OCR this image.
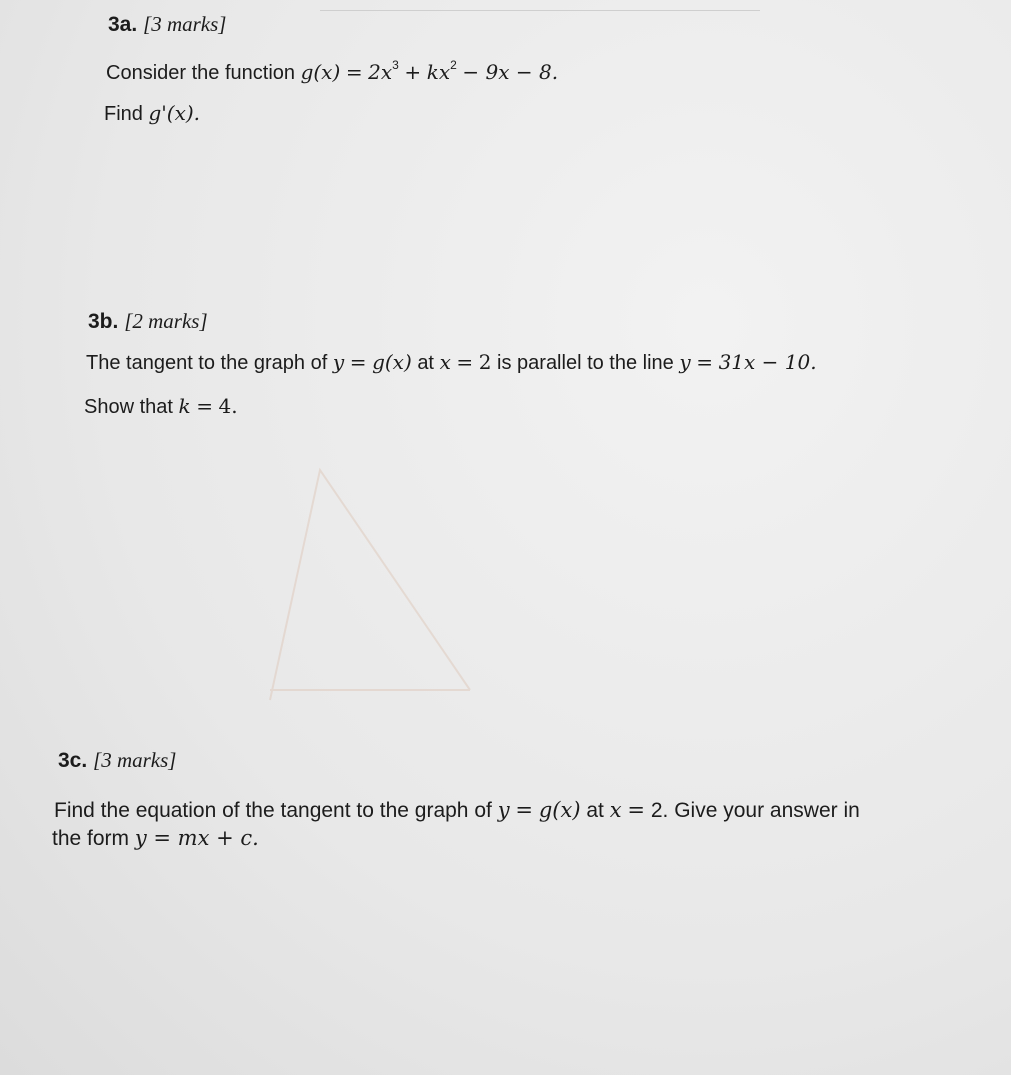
3a. [3 marks]
Consider the function $g(x) = 2x^3 + kx^2 - 9x - 8$.
Find g'(x).
3b. [2 marks]
The tangent to the graph of y = g(x) at x = 2 is parallel to the line y = 31x − 10.
Show that k = 4.
3c. [3 marks]
Find the equation of the tangent to the graph of y = g(x) at x = 2. Give your answer in
the form y = mx + c.
